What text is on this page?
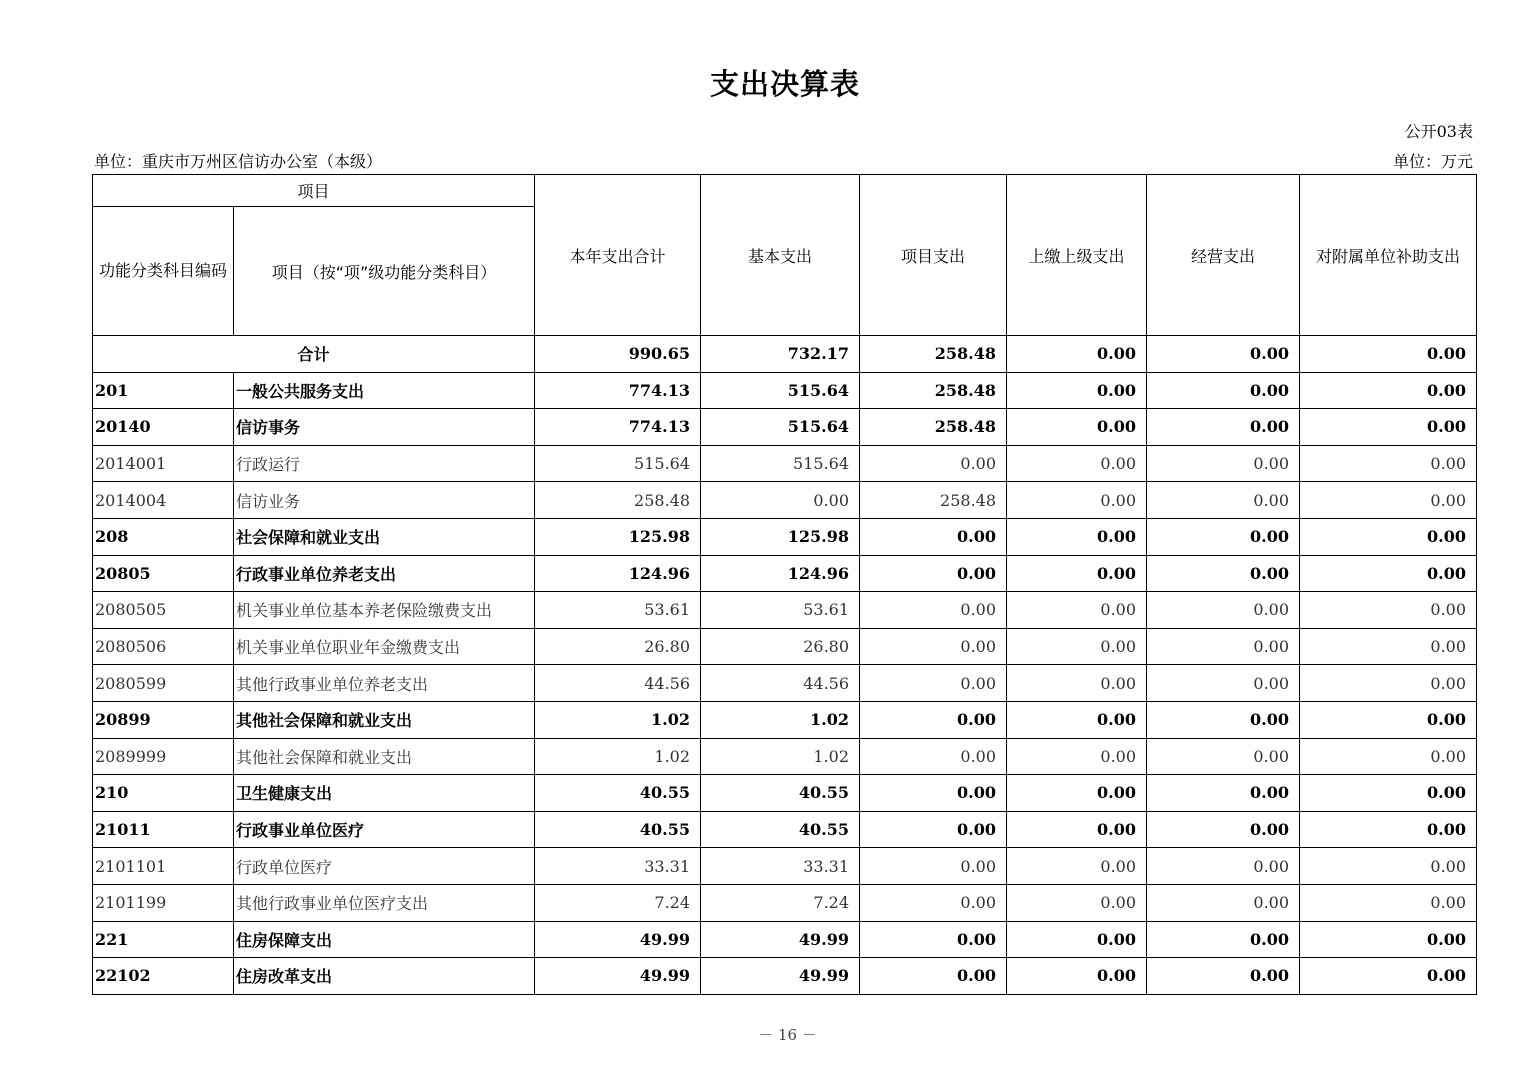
支出决算表
公开03表
单位：重庆市万州区信访办公室（本级）	单位：万元
项目		本年支出合计	基本支出	项目支出	上缴上级支出	经营支出	对附属单位补助支出
功能分类科目编码	项目（按“项”级功能分类科目）						
合计		990.65	732.17	258.48	0.00	0.00	0.00
201	一般公共服务支出	774.13	515.64	258.48	0.00	0.00	0.00
20140	信访事务	774.13	515.64	258.48	0.00	0.00	0.00
2014001	行政运行	515.64	515.64	0.00	0.00	0.00	0.00
2014004	信访业务	258.48	0.00	258.48	0.00	0.00	0.00
208	社会保障和就业支出	125.98	125.98	0.00	0.00	0.00	0.00
20805	行政事业单位养老支出	124.96	124.96	0.00	0.00	0.00	0.00
2080505	机关事业单位基本养老保险缴费支出	53.61	53.61	0.00	0.00	0.00	0.00
2080506	机关事业单位职业年金缴费支出	26.80	26.80	0.00	0.00	0.00	0.00
2080599	其他行政事业单位养老支出	44.56	44.56	0.00	0.00	0.00	0.00
20899	其他社会保障和就业支出	1.02	1.02	0.00	0.00	0.00	0.00
2089999	其他社会保障和就业支出	1.02	1.02	0.00	0.00	0.00	0.00
210	卫生健康支出	40.55	40.55	0.00	0.00	0.00	0.00
21011	行政事业单位医疗	40.55	40.55	0.00	0.00	0.00	0.00
2101101	行政单位医疗	33.31	33.31	0.00	0.00	0.00	0.00
2101199	其他行政事业单位医疗支出	7.24	7.24	0.00	0.00	0.00	0.00
221	住房保障支出	49.99	49.99	0.00	0.00	0.00	0.00
22102	住房改革支出	49.99	49.99	0.00	0.00	0.00	0.00
－ 16 －
